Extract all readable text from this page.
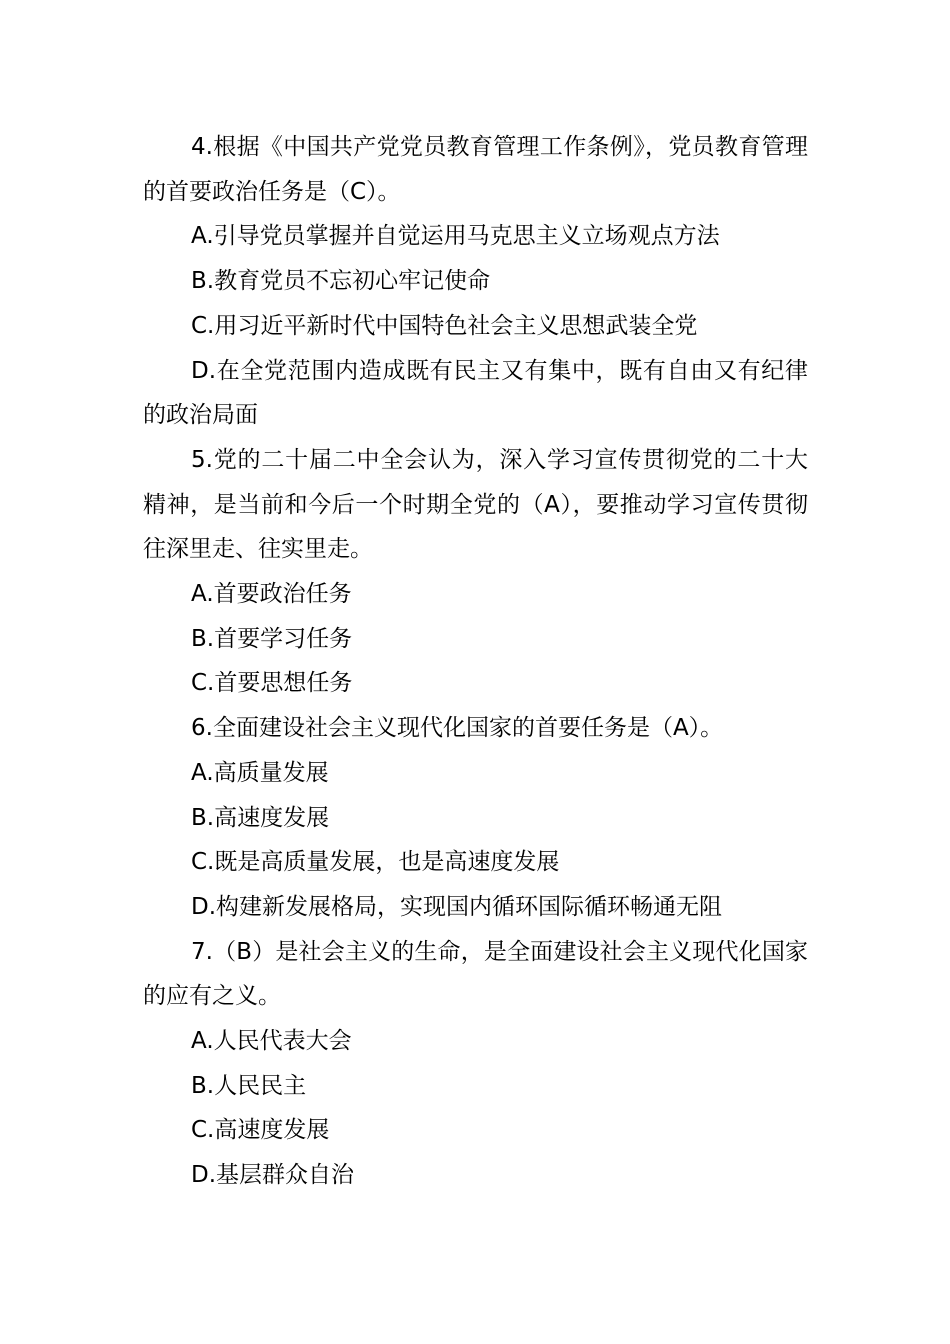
4.根据《中国共产党党员教育管理工作条例》，党员教育管理的首要政治任务是（C）。

A.引导党员掌握并自觉运用马克思主义立场观点方法

B.教育党员不忘初心牢记使命

C.用习近平新时代中国特色社会主义思想武装全党

D.在全党范围内造成既有民主又有集中，既有自由又有纪律的政治局面

5.党的二十届二中全会认为，深入学习宣传贯彻党的二十大精神，是当前和今后一个时期全党的（A），要推动学习宣传贯彻往深里走、往实里走。

A.首要政治任务

B.首要学习任务

C.首要思想任务

6.全面建设社会主义现代化国家的首要任务是（A）。

A.高质量发展

B.高速度发展

C.既是高质量发展，也是高速度发展

D.构建新发展格局，实现国内循环国际循环畅通无阻

7.（B）是社会主义的生命，是全面建设社会主义现代化国家的应有之义。

A.人民代表大会

B.人民民主

C.高速度发展

D.基层群众自治
